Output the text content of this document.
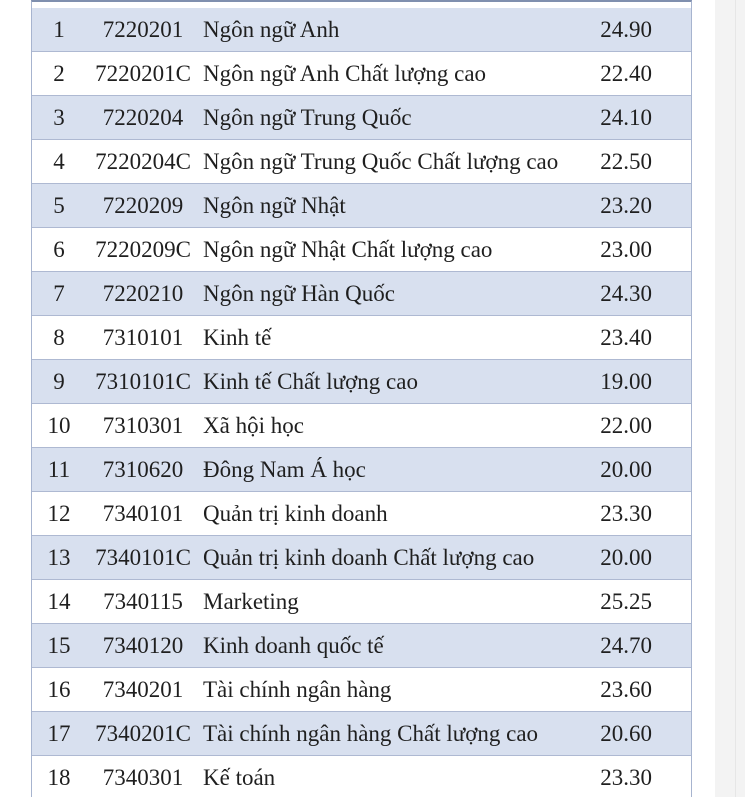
1	7220201 Ngôn ngữ Anh	24.90
2	7220201C Ngôn ngữ Anh Chất lượng cao	22.40
3	7220204 Ngôn ngữ Trung Quốc	24.10
4	7220204C Ngôn ngữ Trung Quốc Chất lượng cao	22.50
5	7220209 Ngôn ngữ Nhật	23.20
6	7220209C Ngôn ngữ Nhật Chất lượng cao	23.00
7	7220210 Ngôn ngữ Hàn Quốc	24.30
8	7310101 Kinh tế	23.40
9	7310101C Kinh tế Chất lượng cao	19.00
10	7310301 Xã hội học	22.00
11	7310620 Đông Nam Á học	20.00
12	7340101 Quản trị kinh doanh	23.30
13	7340101C Quản trị kinh doanh Chất lượng cao	20.00
14	7340115 Marketing	25.25
15	7340120 Kinh doanh quốc tế	24.70
16	7340201 Tài chính ngân hàng	23.60
17	7340201C Tài chính ngân hàng Chất lượng cao	20.60
18	7340301 Kế toán	23.30
